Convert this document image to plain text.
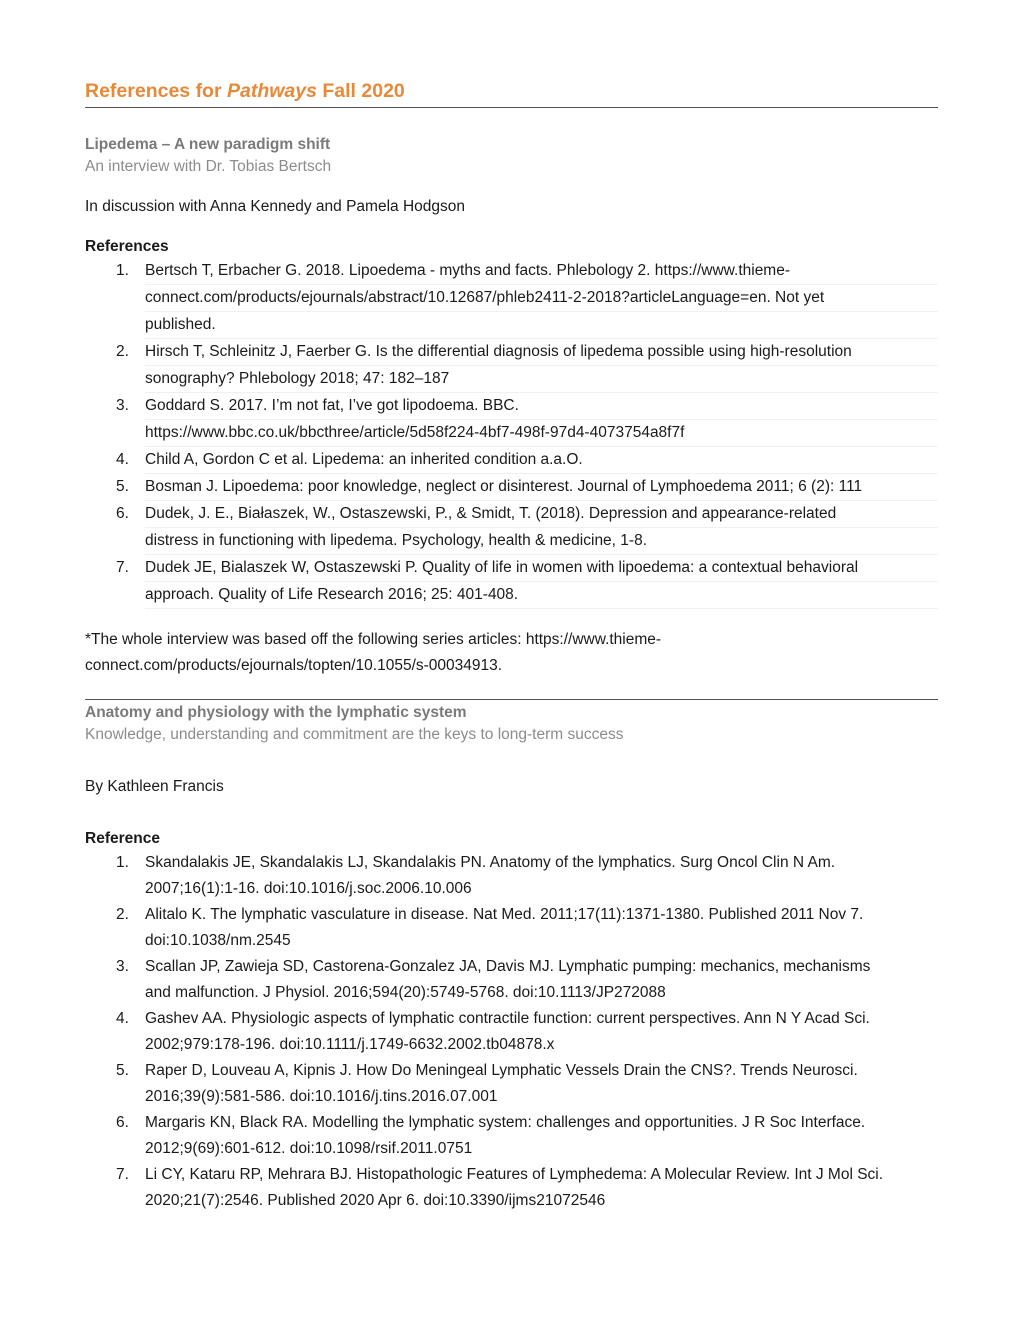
References for Pathways Fall 2020

Lipedema – A new paradigm shift

An interview with Dr. Tobias Bertsch

In discussion with Anna Kennedy and Pamela Hodgson

References

1. Bertsch T, Erbacher G. 2018. Lipoedema - myths and facts. Phlebology 2. https://www.thieme-
connect.com/products/ejournals/abstract/10.12687/phleb2411-2-2018?articleLanguage=en. Not yet
published.
2. Hirsch T, Schleinitz J, Faerber G. Is the differential diagnosis of lipedema possible using high-resolution
sonography? Phlebology 2018; 47: 182–187
3. Goddard S. 2017. I’m not fat, I’ve got lipodoema. BBC.
https://www.bbc.co.uk/bbcthree/article/5d58f224-4bf7-498f-97d4-4073754a8f7f
4. Child A, Gordon C et al. Lipedema: an inherited condition a.a.O.
5. Bosman J. Lipoedema: poor knowledge, neglect or disinterest. Journal of Lymphoedema 2011; 6 (2): 111
6. Dudek, J. E., Białaszek, W., Ostaszewski, P., & Smidt, T. (2018). Depression and appearance-related
distress in functioning with lipedema. Psychology, health & medicine, 1-8.
7. Dudek JE, Bialaszek W, Ostaszewski P. Quality of life in women with lipoedema: a contextual behavioral
approach. Quality of Life Research 2016; 25: 401-408.

*The whole interview was based off the following series articles: https://www.thieme-
connect.com/products/ejournals/topten/10.1055/s-00034913.

Anatomy and physiology with the lymphatic system

Knowledge, understanding and commitment are the keys to long-term success

By Kathleen Francis

Reference

1. Skandalakis JE, Skandalakis LJ, Skandalakis PN. Anatomy of the lymphatics. Surg Oncol Clin N Am.
2007;16(1):1-16. doi:10.1016/j.soc.2006.10.006
2. Alitalo K. The lymphatic vasculature in disease. Nat Med. 2011;17(11):1371-1380. Published 2011 Nov 7.
doi:10.1038/nm.2545
3. Scallan JP, Zawieja SD, Castorena-Gonzalez JA, Davis MJ. Lymphatic pumping: mechanics, mechanisms
and malfunction. J Physiol. 2016;594(20):5749-5768. doi:10.1113/JP272088
4. Gashev AA. Physiologic aspects of lymphatic contractile function: current perspectives. Ann N Y Acad Sci.
2002;979:178-196. doi:10.1111/j.1749-6632.2002.tb04878.x
5. Raper D, Louveau A, Kipnis J. How Do Meningeal Lymphatic Vessels Drain the CNS?. Trends Neurosci.
2016;39(9):581-586. doi:10.1016/j.tins.2016.07.001
6. Margaris KN, Black RA. Modelling the lymphatic system: challenges and opportunities. J R Soc Interface.
2012;9(69):601-612. doi:10.1098/rsif.2011.0751
7. Li CY, Kataru RP, Mehrara BJ. Histopathologic Features of Lymphedema: A Molecular Review. Int J Mol Sci.
2020;21(7):2546. Published 2020 Apr 6. doi:10.3390/ijms21072546
